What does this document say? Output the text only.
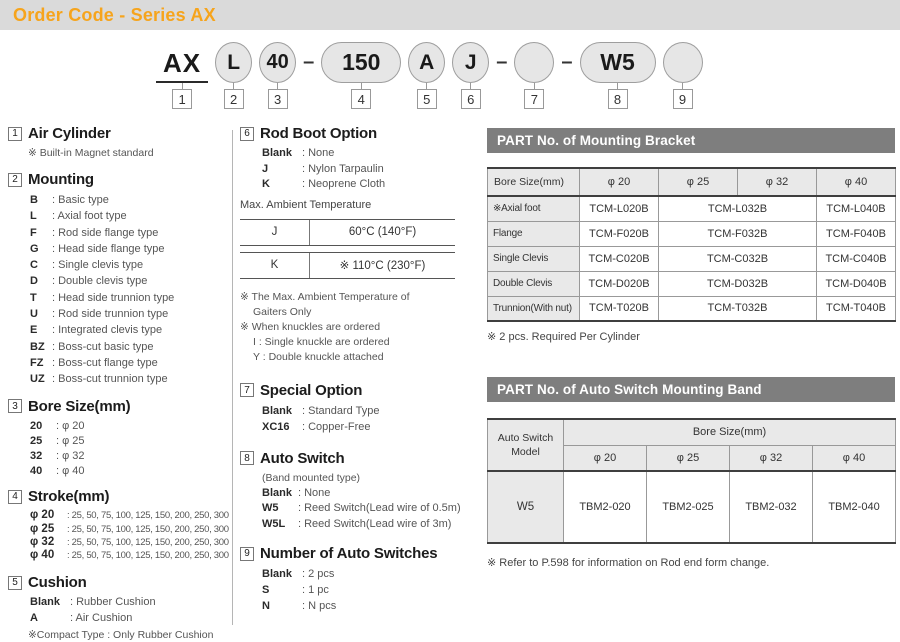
Order Code - Series AX
AX
1
L
2
40
3
–	150
4
A
5
J
6
–
7
–	W5
8	9
1 Air Cylinder
※ Built-in Magnet standard
2 Mounting
B	: Basic type
L	: Axial foot type
F	: Rod side flange type
G	: Head side flange type
C	: Single clevis type
D	: Double clevis type
T	: Head side trunnion type
U	: Rod side trunnion type
E	: Integrated clevis type
BZ : Boss-cut basic type
FZ : Boss-cut flange type
UZ : Boss-cut trunnion type
3 Bore Size(mm)
20	: φ 20
25	: φ 25
32	: φ 32
40	: φ 40
4 Stroke(mm)
φ 20	: 25, 50, 75, 100, 125, 150, 200, 250, 300
φ 25	: 25, 50, 75, 100, 125, 150, 200, 250, 300
φ 32	: 25, 50, 75, 100, 125, 150, 200, 250, 300
φ 40	: 25, 50, 75, 100, 125, 150, 200, 250, 300
5 Cushion
Blank : Rubber Cushion
A	: Air Cushion
※Compact Type : Only Rubber Cushion
6 Rod Boot Option
Blank : None
J	: Nylon Tarpaulin
K	: Neoprene Cloth
Max. Ambient Temperature
J	60°C (140°F)
K	※ 110°C (230°F)
※ The Max. Ambient Temperature of
Gaiters Only
※ When knuckles are ordered
I : Single knuckle are ordered
Y : Double knuckle attached
7 Special Option
Blank : Standard Type
XC16	: Copper-Free
8 Auto Switch
(Band mounted type)
Blank : None
W5	: Reed Switch(Lead wire of 0.5m)
W5L	: Reed Switch(Lead wire of 3m)
9 Number of Auto Switches
Blank : 2 pcs
S	: 1 pc
N	: N pcs
PART No. of Mounting Bracket
Bore Size(mm)	φ 20	φ 25	φ 32	φ 40
※Axial foot	TCM-L020B	TCM-L032B		TCM-L040B
Flange	TCM-F020B	TCM-F032B		TCM-F040B
Single Clevis	TCM-C020B	TCM-C032B		TCM-C040B
Double Clevis	TCM-D020B	TCM-D032B		TCM-D040B
Trunnion(With nut)	TCM-T020B	TCM-T032B		TCM-T040B
※ 2 pcs. Required Per Cylinder
PART No. of Auto Switch Mounting Band
Auto Switch
Model	Bore Size(mm)			
	φ 20	φ 25	φ 32	φ 40
W5	TBM2-020	TBM2-025	TBM2-032	TBM2-040
※ Refer to P.598 for information on Rod end form change.
